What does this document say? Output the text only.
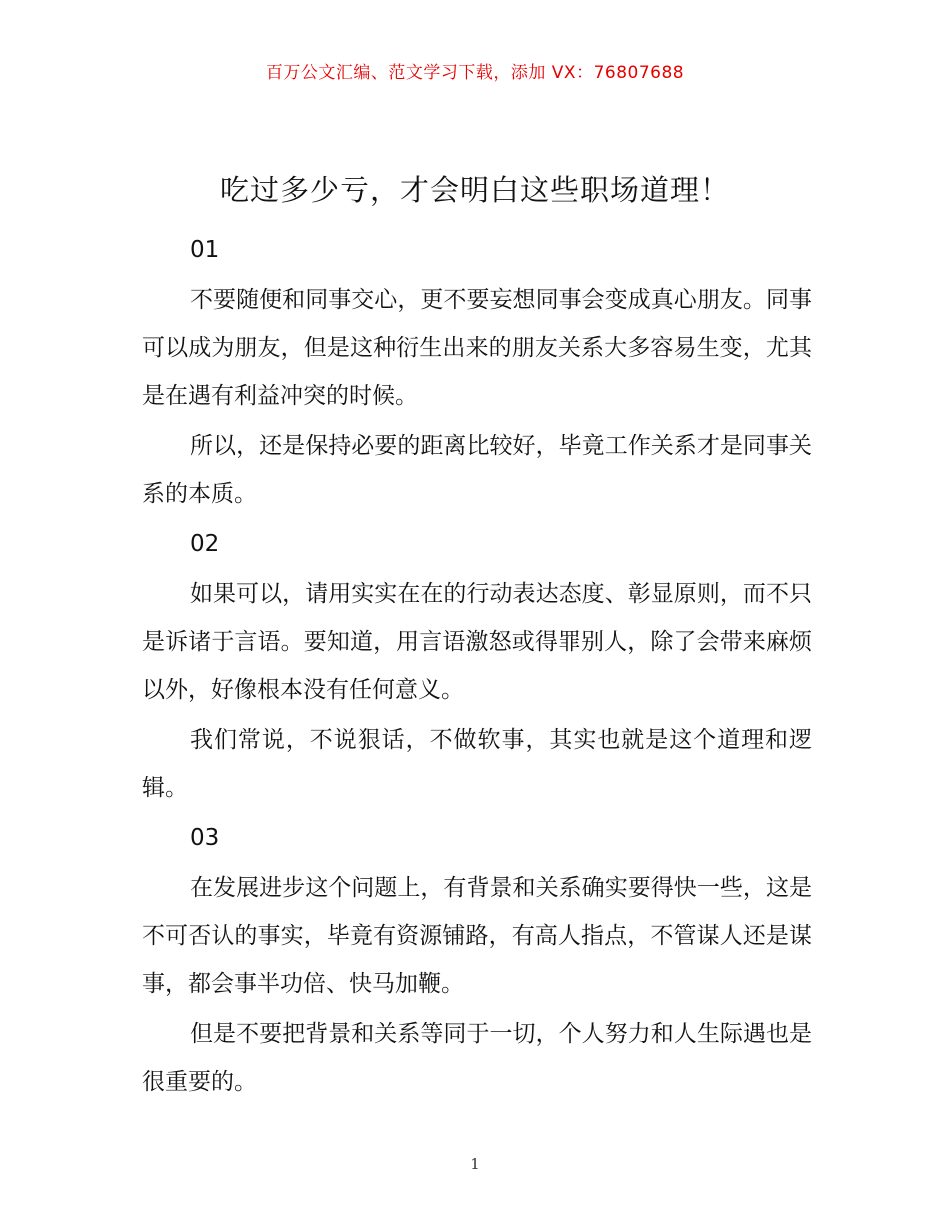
百万公文汇编、范文学习下载，添加 VX：76807688
吃过多少亏，才会明白这些职场道理！
01

不要随便和同事交心，更不要妄想同事会变成真心朋友。同事可以成为朋友，但是这种衍生出来的朋友关系大多容易生变，尤其是在遇有利益冲突的时候。

所以，还是保持必要的距离比较好，毕竟工作关系才是同事关系的本质。

02

如果可以，请用实实在在的行动表达态度、彰显原则，而不只是诉诸于言语。要知道，用言语激怒或得罪别人，除了会带来麻烦以外，好像根本没有任何意义。

我们常说，不说狠话，不做软事，其实也就是这个道理和逻辑。

03

在发展进步这个问题上，有背景和关系确实要得快一些，这是不可否认的事实，毕竟有资源铺路，有高人指点，不管谋人还是谋事，都会事半功倍、快马加鞭。

但是不要把背景和关系等同于一切，个人努力和人生际遇也是很重要的。

1
